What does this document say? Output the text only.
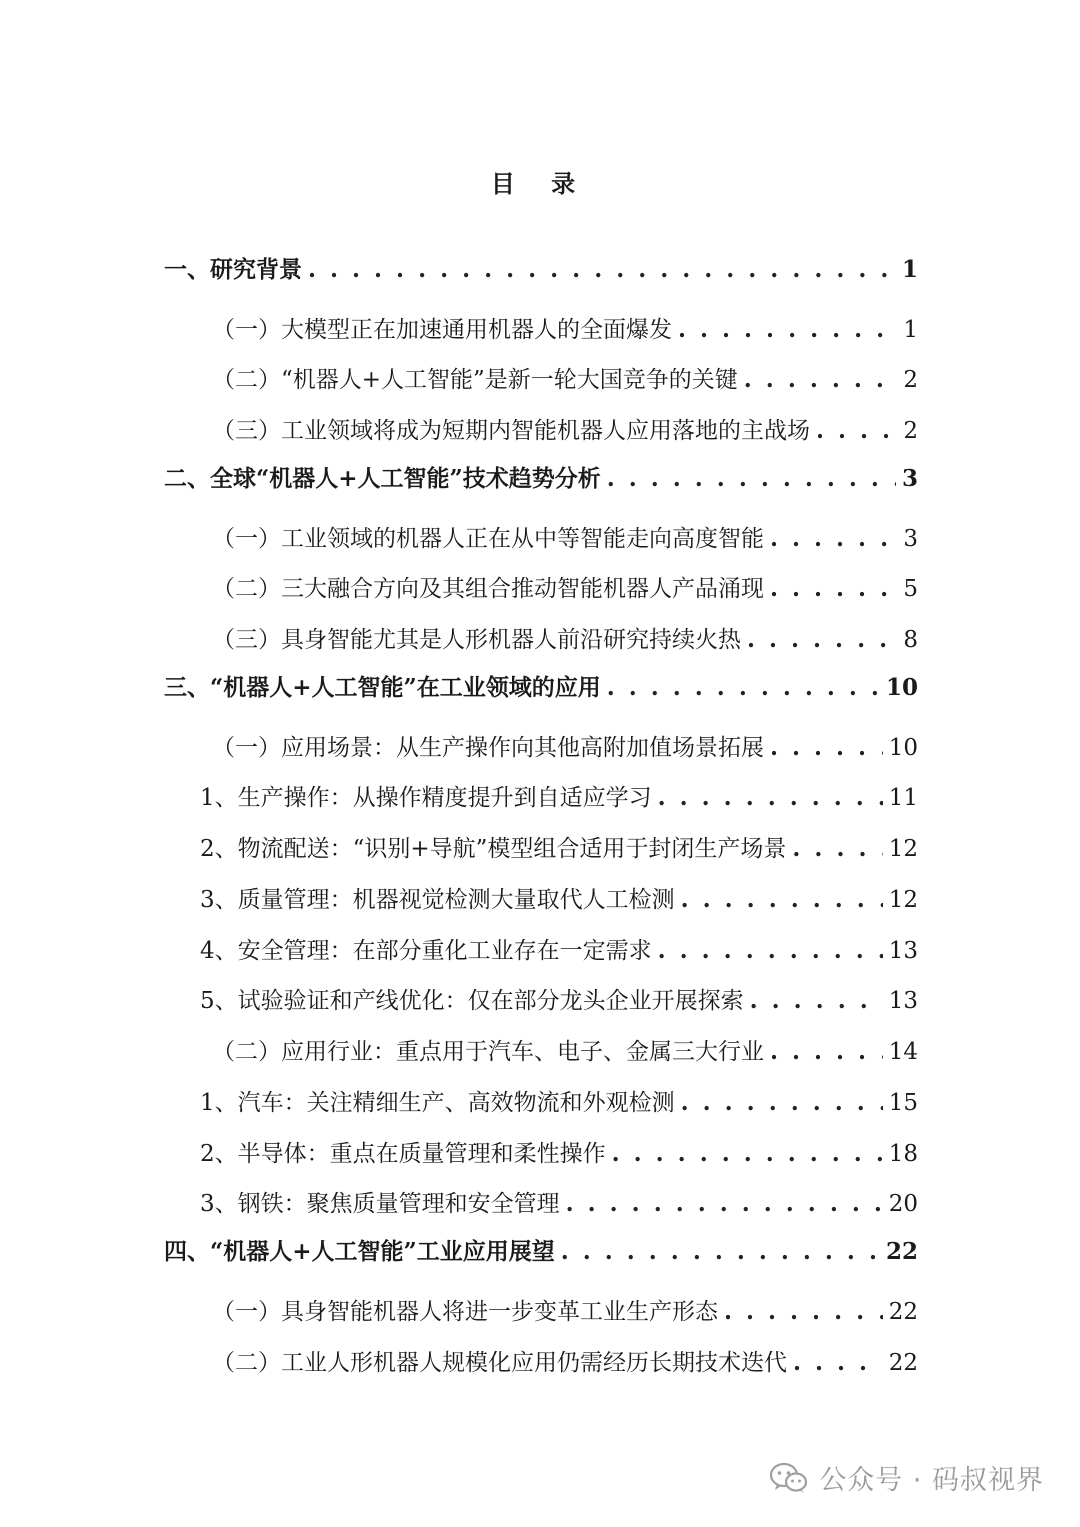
目 录
一、研究背景 . . .	1
（一）大模型正在加速通用机器人的全面爆发 . . .	1
（二）“机器人+人工智能”是新一轮大国竞争的关键 . . .	2
（三）工业领域将成为短期内智能机器人应用落地的主战场 . . .	2
二、全球“机器人+人工智能”技术趋势分析 . . .	3
（一）工业领域的机器人正在从中等智能走向高度智能 . . .	3
（二）三大融合方向及其组合推动智能机器人产品涌现 . . .	5
（三）具身智能尤其是人形机器人前沿研究持续火热 . . .	8
三、“机器人+人工智能”在工业领域的应用 . . .	10
（一）应用场景：从生产操作向其他高附加值场景拓展 . . .	10
1、生产操作：从操作精度提升到自适应学习 . . .	11
2、物流配送：“识别+导航”模型组合适用于封闭生产场景 . . .	12
3、质量管理：机器视觉检测大量取代人工检测 . . .	12
4、安全管理：在部分重化工业存在一定需求 . . .	13
5、试验验证和产线优化：仅在部分龙头企业开展探索 . . .	13
（二）应用行业：重点用于汽车、电子、金属三大行业 . . .	14
1、汽车：关注精细生产、高效物流和外观检测 . . .	15
2、半导体：重点在质量管理和柔性操作 . . .	18
3、钢铁：聚焦质量管理和安全管理 . . .	20
四、“机器人+人工智能”工业应用展望 . . .	22
（一）具身智能机器人将进一步变革工业生产形态 . . .	22
（二）工业人形机器人规模化应用仍需经历长期技术迭代 . . .	22
公众号 · 码叔视界
